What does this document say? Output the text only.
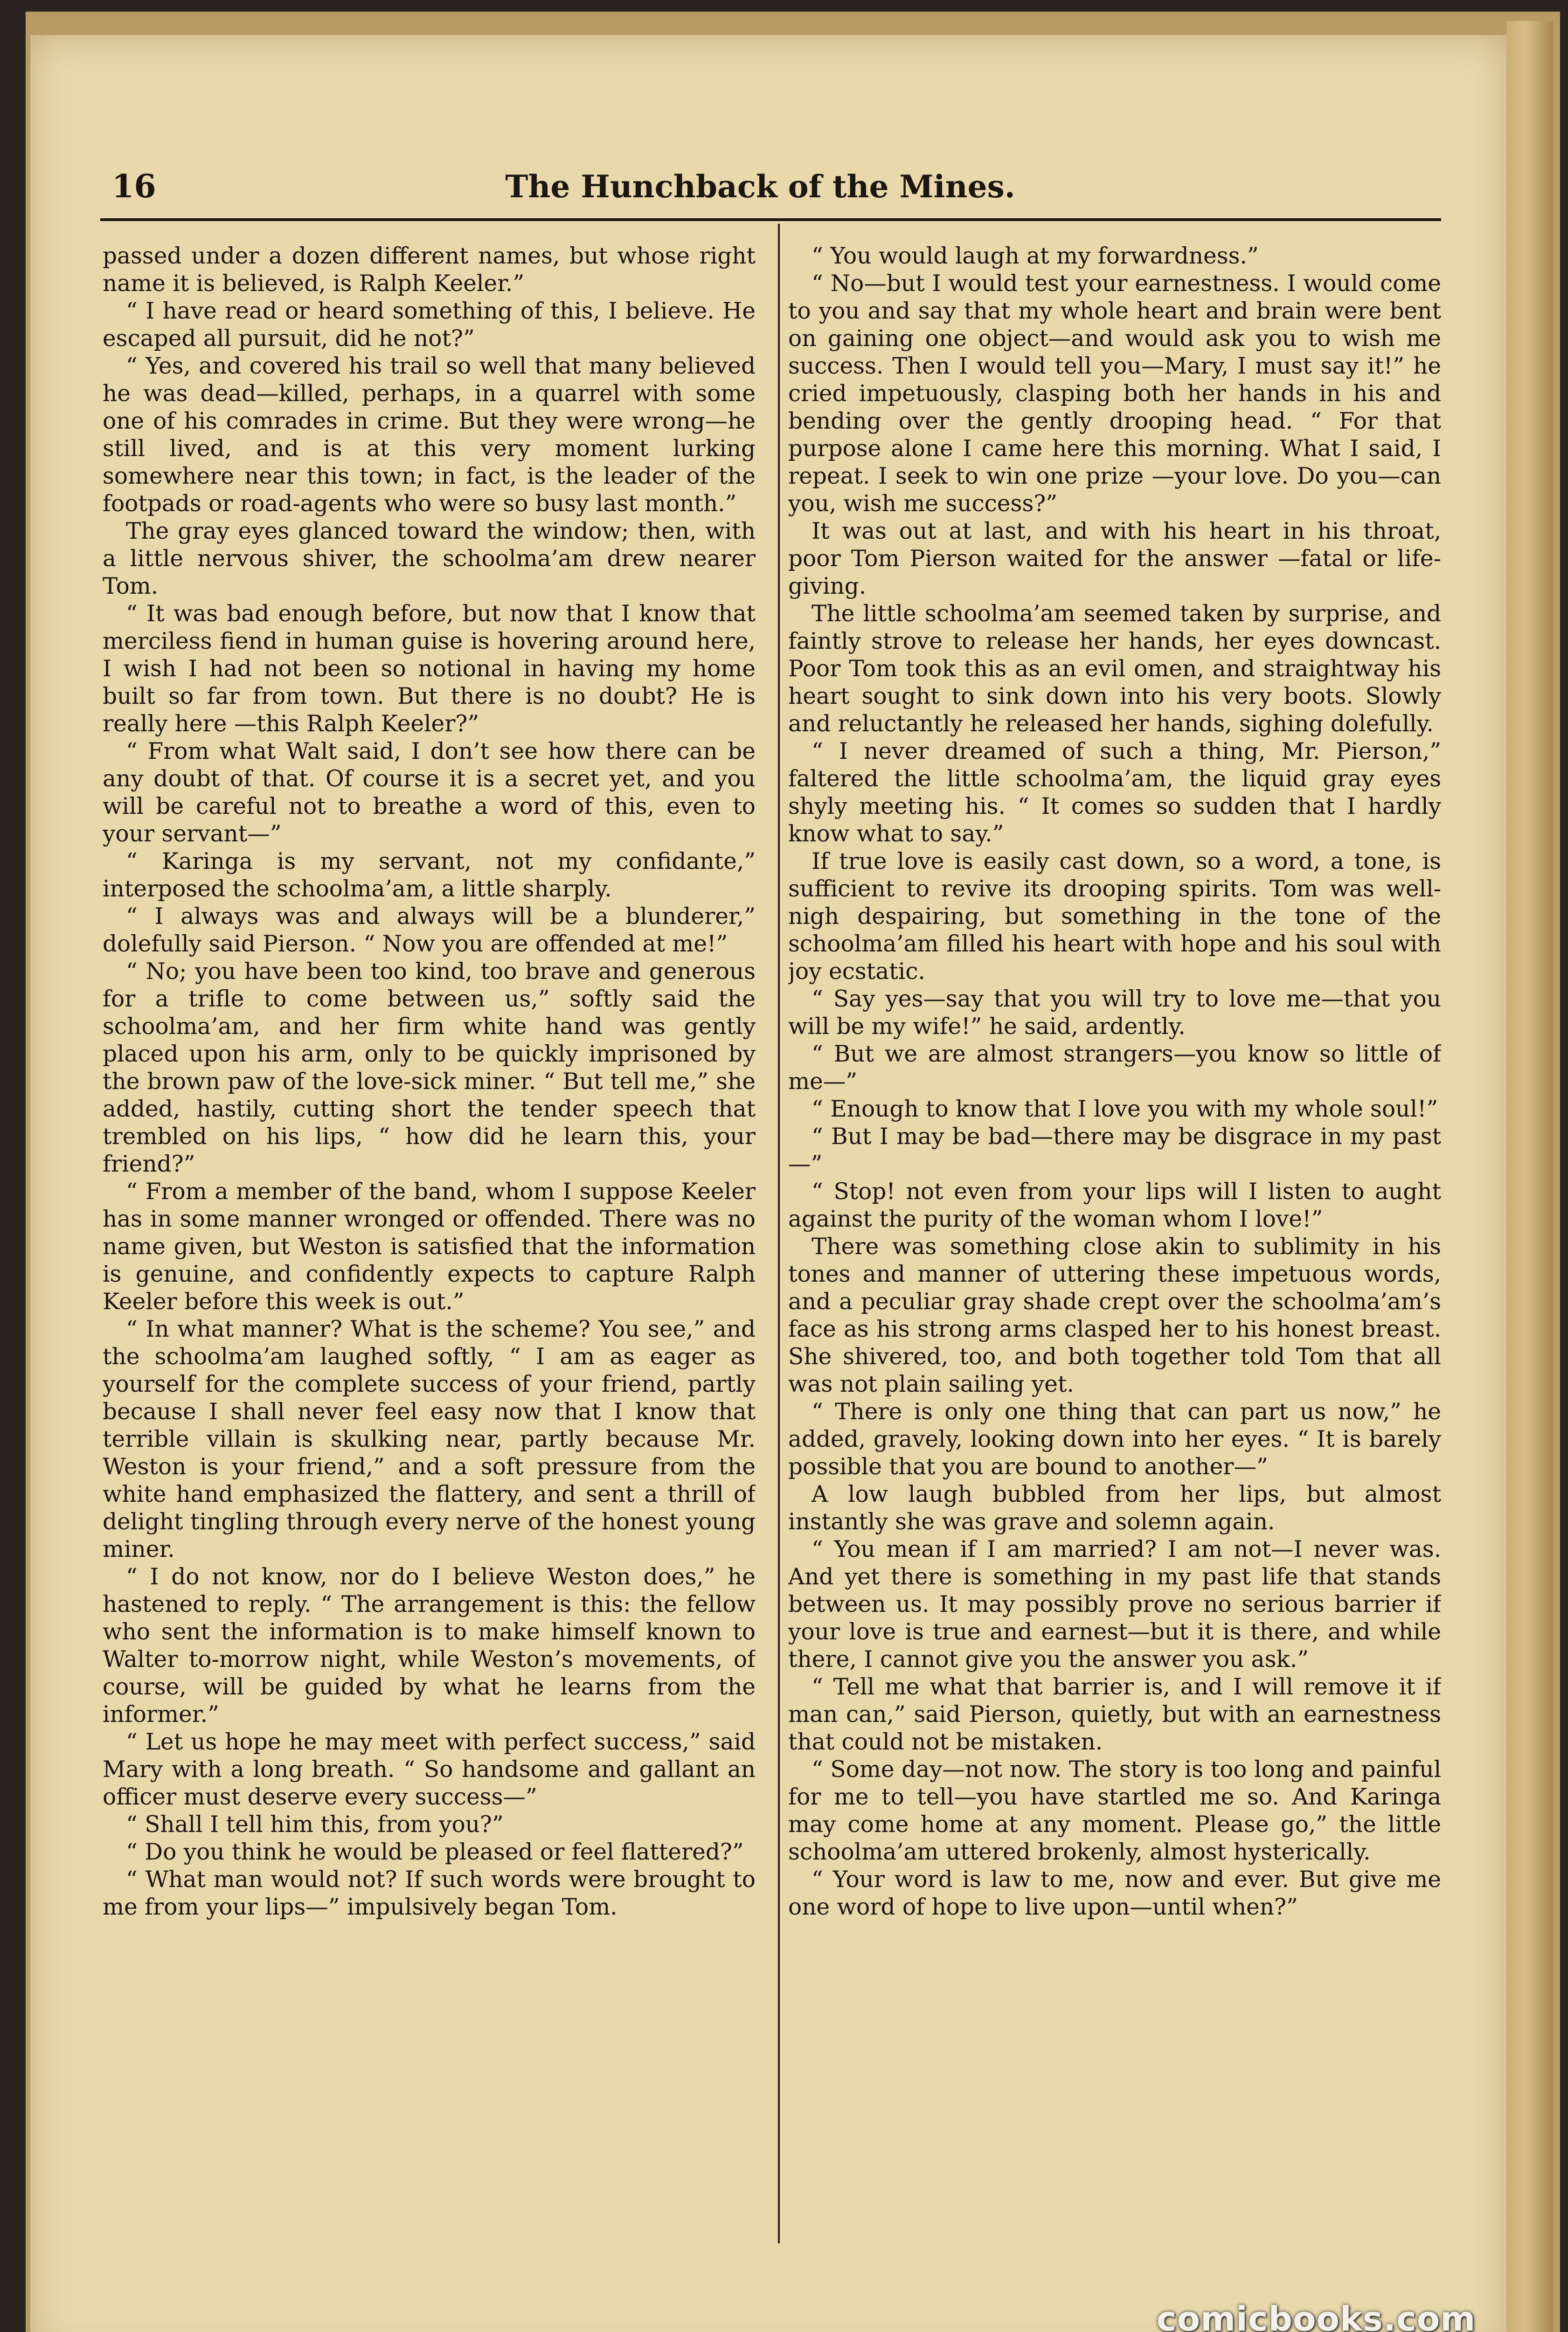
16	The Hunchback of the Mines.

passed under a dozen different names, but whose right name it is believed, is Ralph Keeler.”

“ I have read or heard something of this, I believe. He escaped all pursuit, did he not?”

“ Yes, and covered his trail so well that many believed he was dead—killed, perhaps, in a quarrel with some one of his comrades in crime. But they were wrong—he still lived, and is at this very moment lurking somewhere near this town; in fact, is the leader of the footpads or road-agents who were so busy last month.”

The gray eyes glanced toward the window; then, with a little nervous shiver, the schoolma’am drew nearer Tom.

“ It was bad enough before, but now that I know that merciless fiend in human guise is hovering around here, I wish I had not been so notional in having my home built so far from town. But there is no doubt? He is really here —this Ralph Keeler?”

“ From what Walt said, I don’t see how there can be any doubt of that. Of course it is a secret yet, and you will be careful not to breathe a word of this, even to your servant—”

“ Karinga is my servant, not my confidante,” interposed the schoolma’am, a little sharply.

“ I always was and always will be a blunderer,” dolefully said Pierson. “ Now you are offended at me!”

“ No; you have been too kind, too brave and generous for a trifle to come between us,” softly said the schoolma’am, and her firm white hand was gently placed upon his arm, only to be quickly imprisoned by the brown paw of the love-sick miner. “ But tell me,” she added, hastily, cutting short the tender speech that trembled on his lips, “ how did he learn this, your friend?”

“ From a member of the band, whom I suppose Keeler has in some manner wronged or offended. There was no name given, but Weston is satisfied that the information is genuine, and confidently expects to capture Ralph Keeler before this week is out.”

“ In what manner? What is the scheme? You see,” and the schoolma’am laughed softly, “ I am as eager as yourself for the complete success of your friend, partly because I shall never feel easy now that I know that terrible villain is skulking near, partly because Mr. Weston is your friend,” and a soft pressure from the white hand emphasized the flattery, and sent a thrill of delight tingling through every nerve of the honest young miner.

“ I do not know, nor do I believe Weston does,” he hastened to reply. “ The arrangement is this: the fellow who sent the information is to make himself known to Walter to-morrow night, while Weston’s movements, of course, will be guided by what he learns from the informer.”

“ Let us hope he may meet with perfect success,” said Mary with a long breath. “ So handsome and gallant an officer must deserve every success—”

“ Shall I tell him this, from you?”

“ Do you think he would be pleased or feel flattered?”

“ What man would not? If such words were brought to me from your lips—” impulsively began Tom.

“ You would laugh at my forwardness.”

“ No—but I would test your earnestness. I would come to you and say that my whole heart and brain were bent on gaining one object—and would ask you to wish me success. Then I would tell you—Mary, I must say it!” he cried impetuously, clasping both her hands in his and bending over the gently drooping head. “ For that purpose alone I came here this morning. What I said, I repeat. I seek to win one prize —your love. Do you—can you, wish me success?”

It was out at last, and with his heart in his throat, poor Tom Pierson waited for the answer —fatal or life-giving.

The little schoolma’am seemed taken by surprise, and faintly strove to release her hands, her eyes downcast. Poor Tom took this as an evil omen, and straightway his heart sought to sink down into his very boots. Slowly and reluctantly he released her hands, sighing dolefully.

“ I never dreamed of such a thing, Mr. Pierson,” faltered the little schoolma’am, the liquid gray eyes shyly meeting his. “ It comes so sudden that I hardly know what to say.”

If true love is easily cast down, so a word, a tone, is sufficient to revive its drooping spirits. Tom was well-nigh despairing, but something in the tone of the schoolma’am filled his heart with hope and his soul with joy ecstatic.

“ Say yes—say that you will try to love me—that you will be my wife!” he said, ardently.

“ But we are almost strangers—you know so little of me—”

“ Enough to know that I love you with my whole soul!”

“ But I may be bad—there may be disgrace in my past—”

“ Stop! not even from your lips will I listen to aught against the purity of the woman whom I love!”

There was something close akin to sublimity in his tones and manner of uttering these impetuous words, and a peculiar gray shade crept over the schoolma’am’s face as his strong arms clasped her to his honest breast. She shivered, too, and both together told Tom that all was not plain sailing yet.

“ There is only one thing that can part us now,” he added, gravely, looking down into her eyes. “ It is barely possible that you are bound to another—”

A low laugh bubbled from her lips, but almost instantly she was grave and solemn again.

“ You mean if I am married? I am not—I never was. And yet there is something in my past life that stands between us. It may possibly prove no serious barrier if your love is true and earnest—but it is there, and while there, I cannot give you the answer you ask.”

“ Tell me what that barrier is, and I will remove it if man can,” said Pierson, quietly, but with an earnestness that could not be mistaken.

“ Some day—not now. The story is too long and painful for me to tell—you have startled me so. And Karinga may come home at any moment. Please go,” the little schoolma’am uttered brokenly, almost hysterically.

“ Your word is law to me, now and ever. But give me one word of hope to live upon—until when?”

comicbooks.com
